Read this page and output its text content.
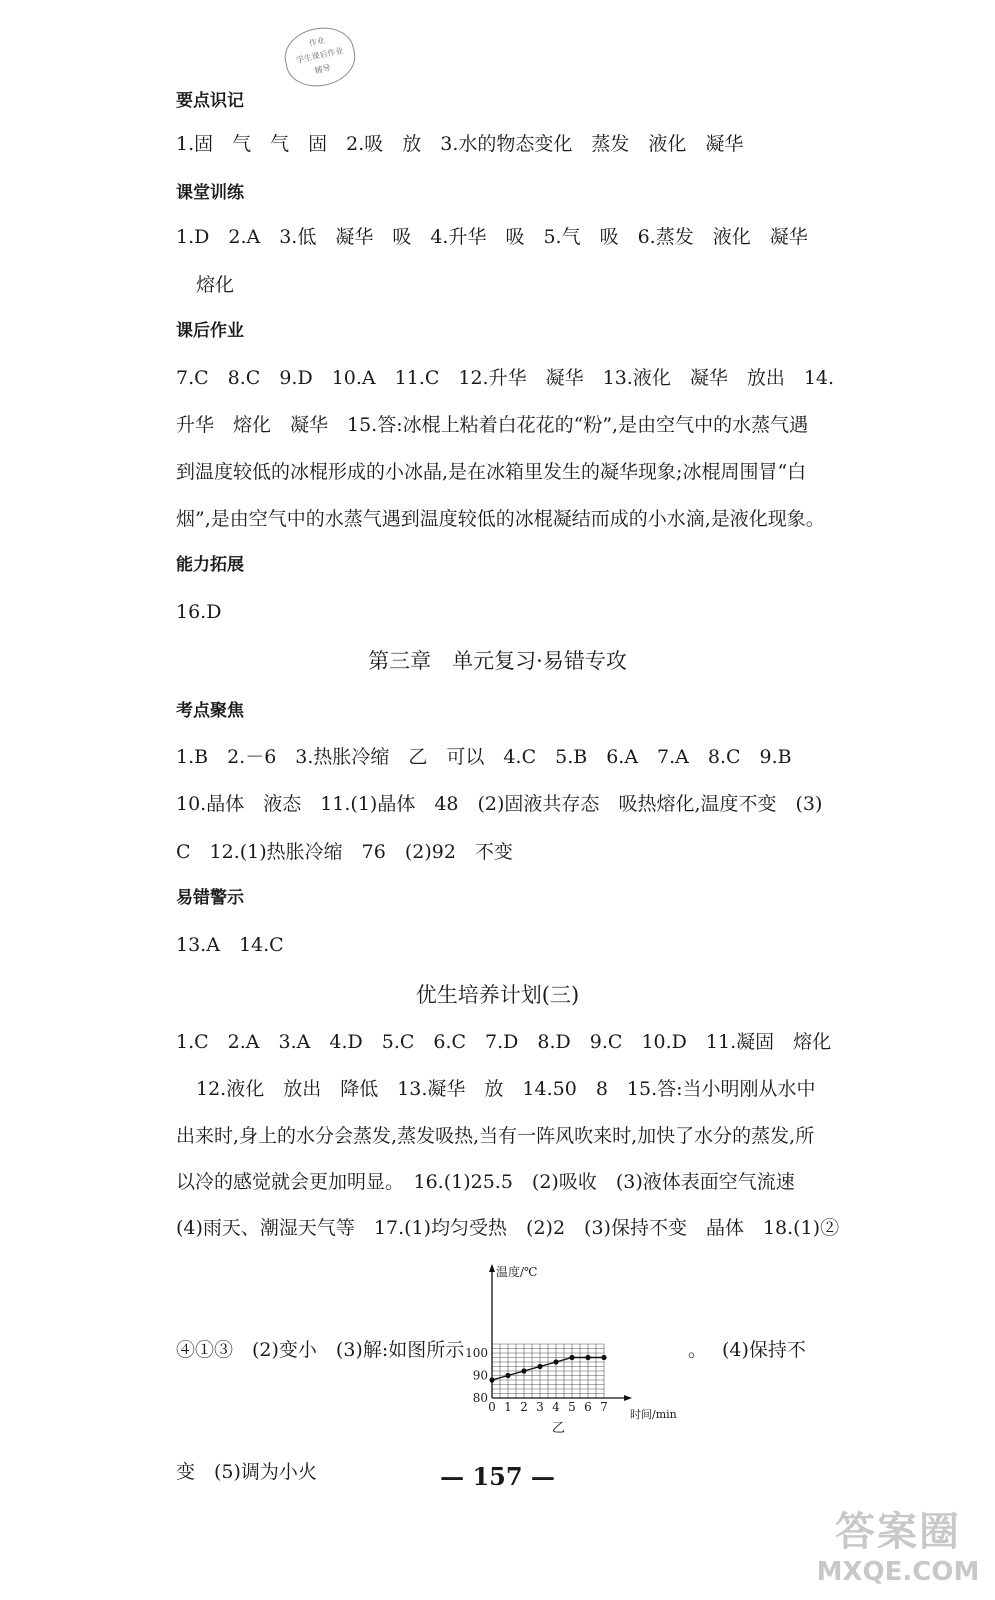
作业
学生课后作业
辅导
要点识记
1.固　气　气　固　2.吸　放　3.水的物态变化　蒸发　液化　凝华
课堂训练
1.D　2.A　3.低　凝华　吸　4.升华　吸　5.气　吸　6.蒸发　液化　凝华
熔化
课后作业
7.C　8.C　9.D　10.A　11.C　12.升华　凝华　13.液化　凝华　放出　14.
升华　熔化　凝华　15.答:冰棍上粘着白花花的“粉”,是由空气中的水蒸气遇
到温度较低的冰棍形成的小冰晶,是在冰箱里发生的凝华现象;冰棍周围冒“白
烟”,是由空气中的水蒸气遇到温度较低的冰棍凝结而成的小水滴,是液化现象。
能力拓展
16.D
第三章　单元复习·易错专攻
考点聚焦
1.B　2.－6　3.热胀冷缩　乙　可以　4.C　5.B　6.A　7.A　8.C　9.B
10.晶体　液态　11.(1)晶体　48　(2)固液共存态　吸热熔化,温度不变　(3)
C　12.(1)热胀冷缩　76　(2)92　不变
易错警示
13.A　14.C
优生培养计划(三)
1.C　2.A　3.A　4.D　5.C　6.C　7.D　8.D　9.C　10.D　11.凝固　熔化
12.液化　放出　降低　13.凝华　放　14.50　8　15.答:当小明刚从水中
出来时,身上的水分会蒸发,蒸发吸热,当有一阵风吹来时,加快了水分的蒸发,所
以冷的感觉就会更加明显。　16.(1)25.5　(2)吸收　(3)液体表面空气流速
(4)雨天、潮湿天气等　17.(1)均匀受热　(2)2　(3)保持不变　晶体　18.(1)②
④①③　(2)变小　(3)解:如图所示	。 (4)保持不
变　(5)调为小火
80
90
100
0 1 2 3 4 5 6 7
温度/℃
时间/min
乙
— 157 —
答案圈
MXQE.COM
